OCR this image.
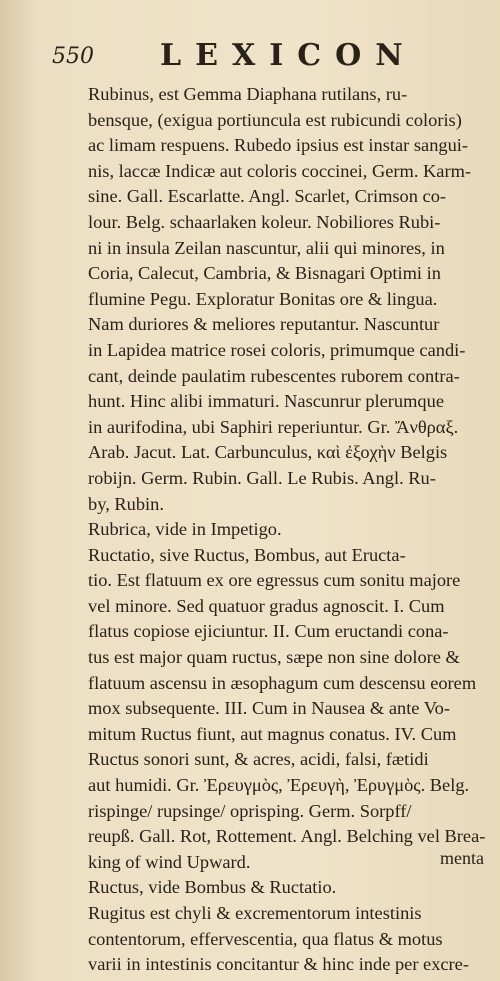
550 LEXICON
Rubinus, est Gemma Diaphana rutilans, ru-
bensque, (exigua portiuncula est rubicundi coloris)
ac limam respuens. Rubedo ipsius est instar sangui-
nis, laccæ Indicæ aut coloris coccinei, Germ. Karm-
sine. Gall. Escarlatte. Angl. Scarlet, Crimson co-
lour. Belg. schaarlaken koleur. Nobiliores Rubi-
ni in insula Zeilan nascuntur, alii qui minores, in
Coria, Calecut, Cambria, & Bisnagari Optimi in
flumine Pegu. Exploratur Bonitas ore & lingua.
Nam duriores & meliores reputantur. Nascuntur
in Lapidea matrice rosei coloris, primumque candi-
cant, deinde paulatim rubescentes ruborem contra-
hunt. Hinc alibi immaturi. Nascunrur plerumque
in aurifodina, ubi Saphiri reperiuntur. Gr. Ἄνθραξ.
Arab. Jacut. Lat. Carbunculus, καὶ ἐξοχὴν Belgis
robijn. Germ. Rubin. Gall. Le Rubis. Angl. Ru-
by, Rubin.
Rubrica, vide in Impetigo.
Ructatio, sive Ructus, Bombus, aut Eructa-
tio. Est flatuum ex ore egressus cum sonitu majore
vel minore. Sed quatuor gradus agnoscit. I. Cum
flatus copiose ejiciuntur. II. Cum eructandi cona-
tus est major quam ructus, sæpe non sine dolore &
flatuum ascensu in æsophagum cum descensu eorem
mox subsequente. III. Cum in Nausea & ante Vo-
mitum Ructus fiunt, aut magnus conatus. IV. Cum
Ructus sonori sunt, & acres, acidi, falsi, fætidi
aut humidi. Gr. Ἐρευγμὸς, Ἐρευγὴ, Ἐρυγμὸς. Belg.
rispinge/ rupsinge/ oprisping. Germ. Sorpff/
reupß. Gall. Rot, Rottement. Angl. Belching vel Brea-
king of wind Upward.
Ructus, vide Bombus & Ructatio.
Rugitus est chyli & excrementorum intestinis
contentorum, effervescentia, qua flatus & motus
varii in intestinis concitantur & hinc inde per excre-
menta
